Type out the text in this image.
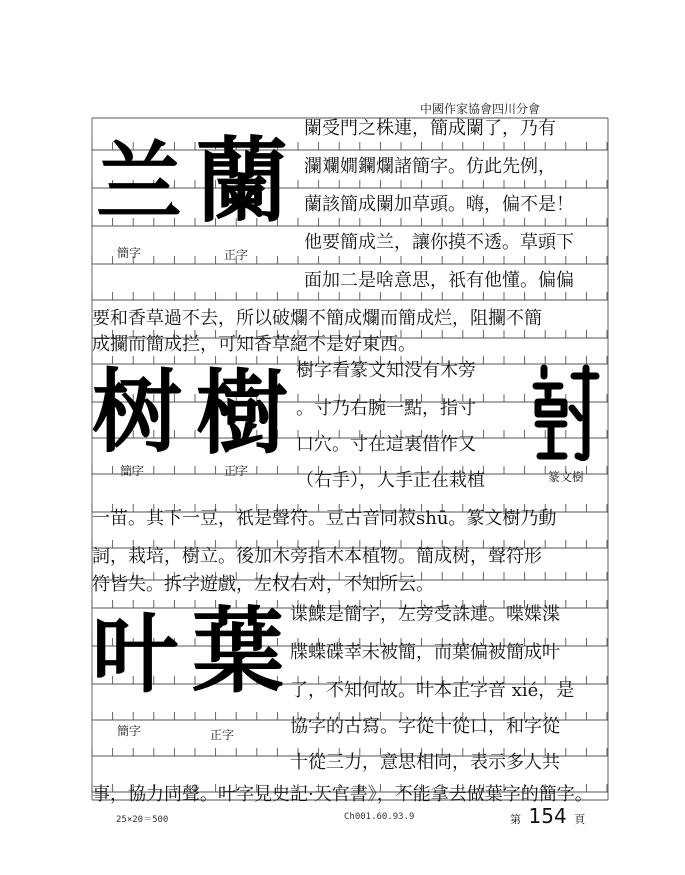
中國作家協會四川分會
兰 蘭
簡字	正字
树 樹
簡字	正字	篆文樹
叶 葉
簡字	正字
闌受門之株連，簡成闌了，乃有
瀾斕嫺鑭爛諸簡字。仿此先例，
蘭該簡成闌加草頭。嗨，偏不是！
他要簡成兰，讓你摸不透。草頭下
面加二是啥意思，祇有他懂。偏偏
要和香草過不去，所以破爛不簡成爛而簡成烂，阻攔不簡
成攔而簡成拦，可知香草絕不是好東西。
樹字看篆文知没有木旁
。寸乃右腕一點，指寸
口穴。寸在這裏借作又
（右手），人手正在栽植
一苗。其下一豆，祇是聲符。豆古音同菽shū。篆文樹乃動
詞，栽培，樹立。後加木旁指木本植物。簡成树，聲符形
符皆失。拆字遊戲，左权右对，不知所云。
谍鰈是簡字，左旁受誅連。喋媟渫
牒蝶碟幸未被簡，而葉偏被簡成叶
了，不知何故。叶本正字音 xié，是
協字的古寫。字從十從口，和字從
十從三力，意思相同，表示多人共
事，協力同聲。叶字見史記·天官書》，不能拿去做葉字的簡字。
25×20＝500	Ch001.60.93.9	第 154 頁
